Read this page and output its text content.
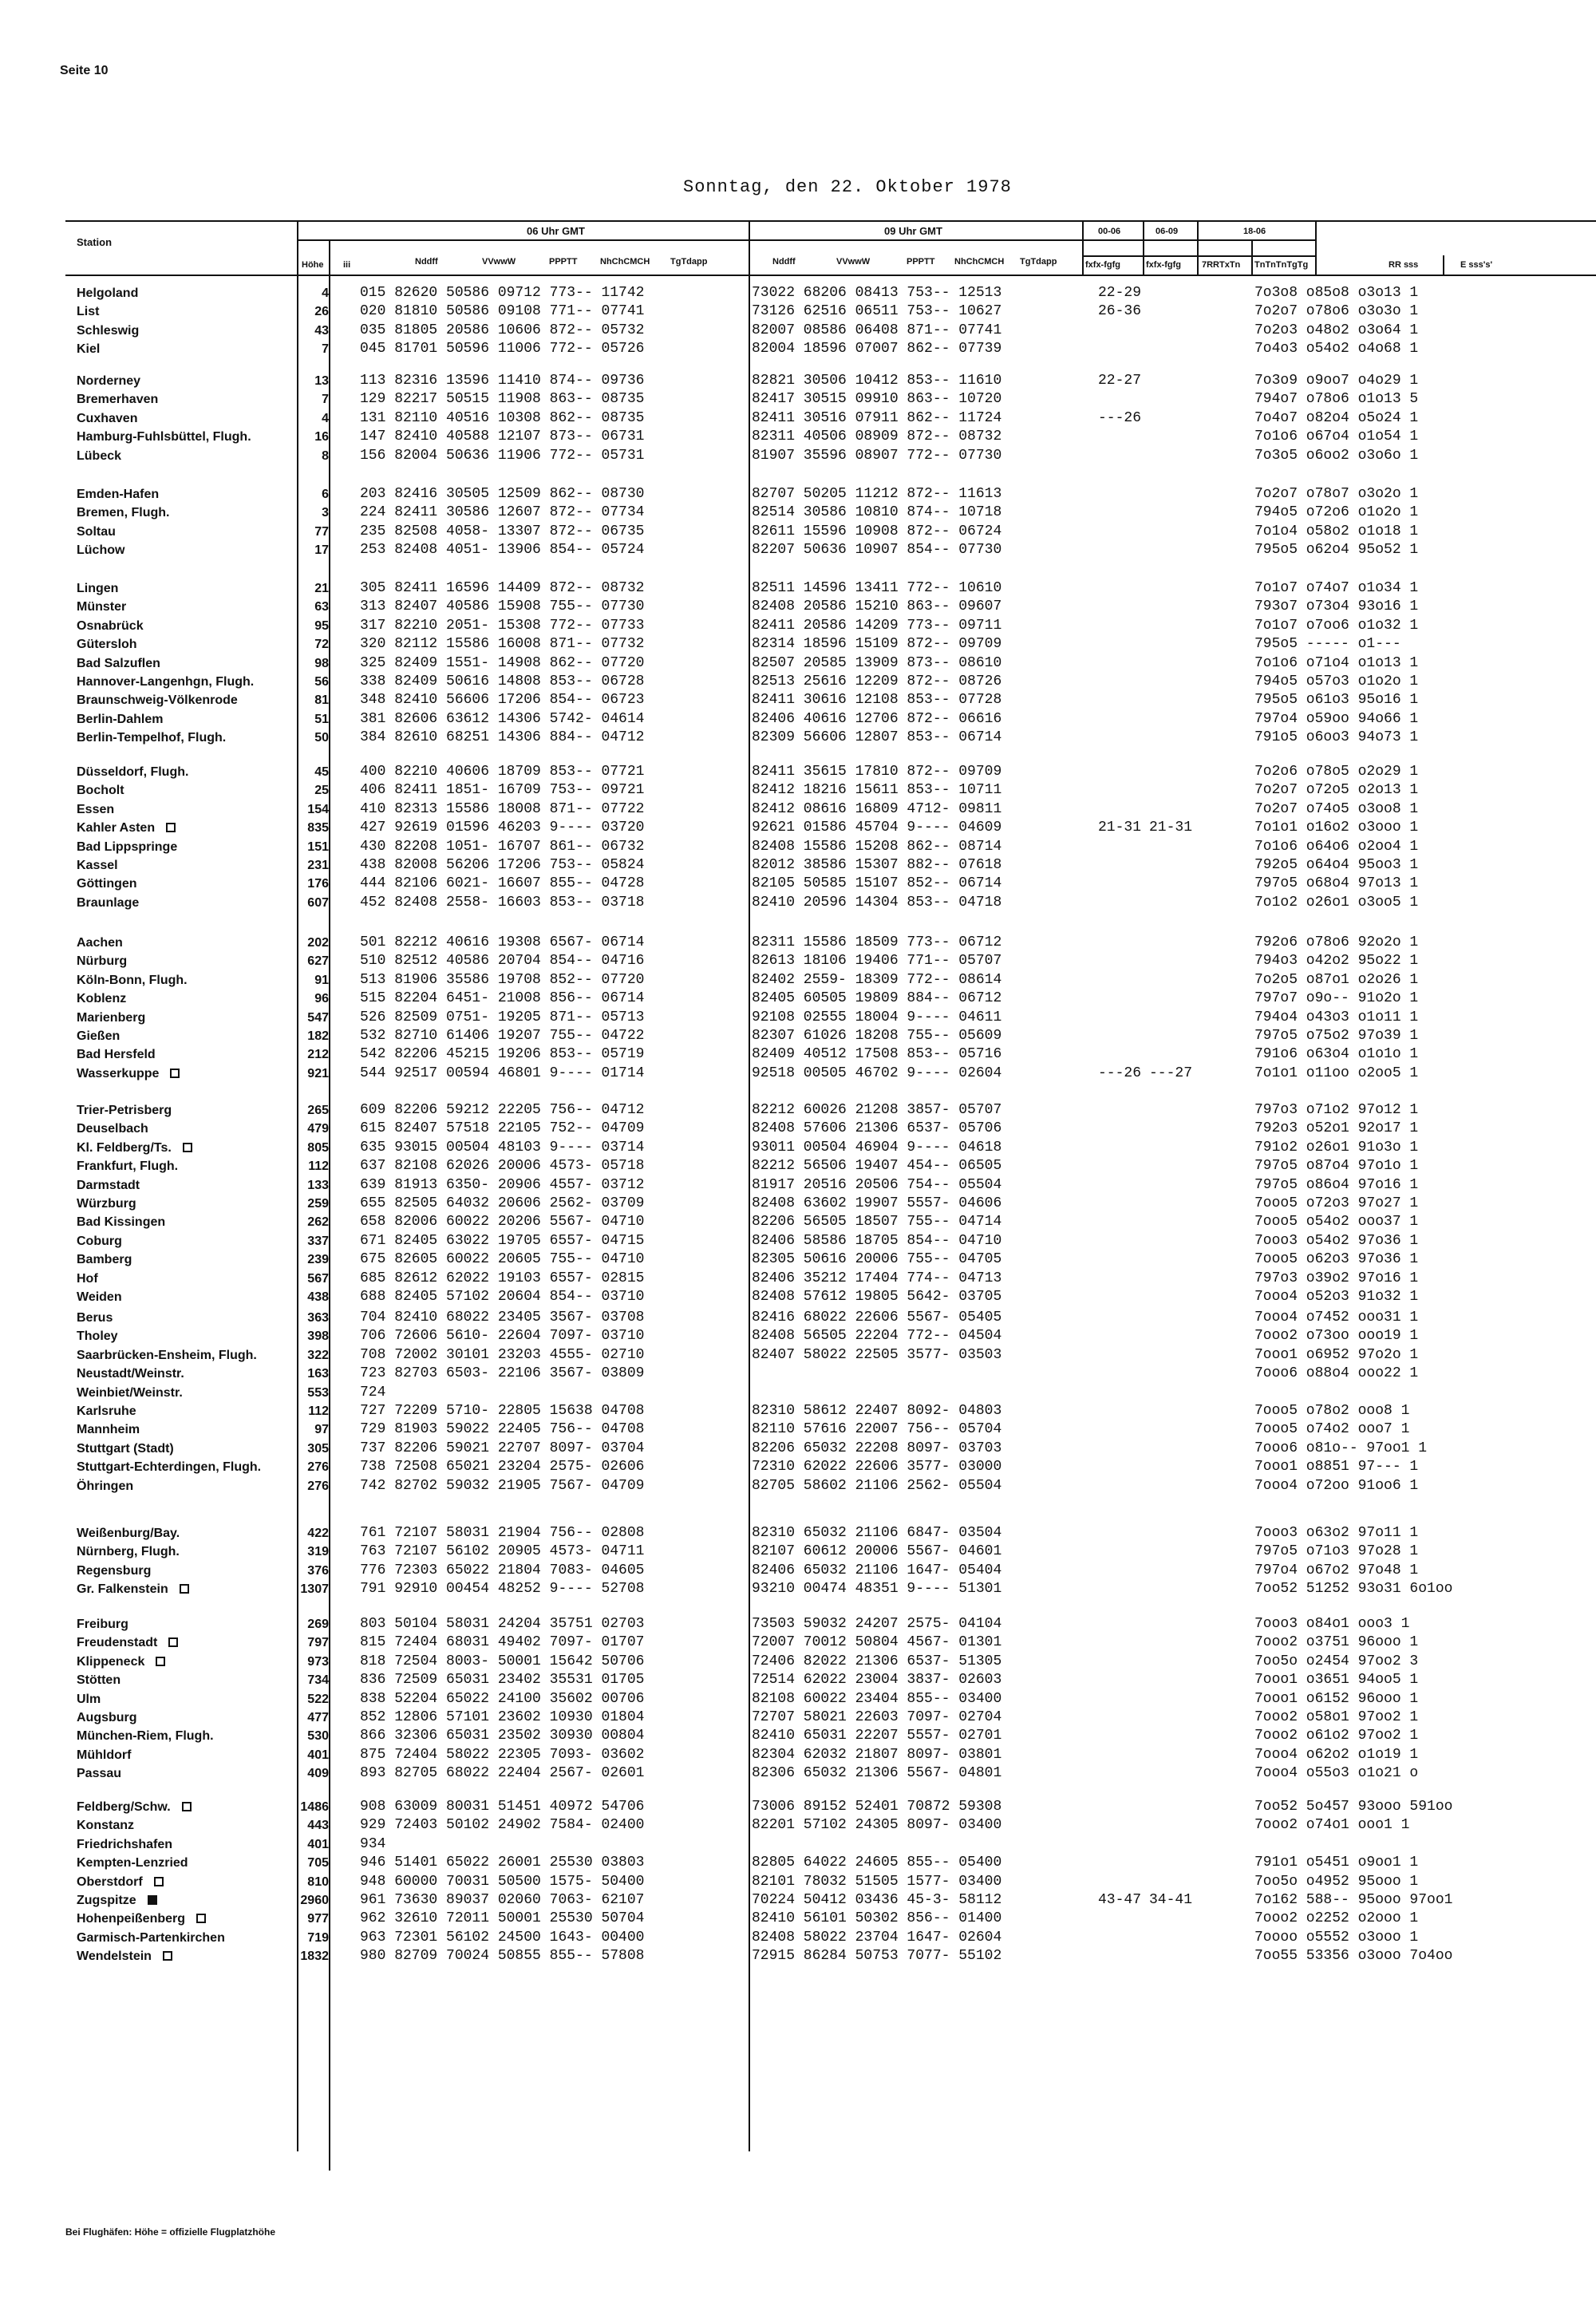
Seite 10
Sonntag, den 22. Oktober 1978
Station
Höhe iii
06 Uhr GMT	09 Uhr GMT
Nddff	VVwwW	PPPTT	NhChCMCH TgTdapp	Nddff	VVwwW	PPPTT NhChCMCH TgTdapp
00-06	06-09	18-06
fxfx-fgfg	fxfx-fgfg 7RRTxTn TnTnTnTgTg	RR sss	E sss's'
Helgoland	4 015 82620 50586 09712 773-- 11742	73022 68206 08413 753-- 12513	22-29	7o3o8 o85o8 o3o13 1
List	26 020 81810 50586 09108 771-- 07741	73126 62516 06511 753-- 10627	26-36	7o2o7 o78o6 o3o3o 1
Schleswig	43 035 81805 20586 10606 872-- 05732	82007 08586 06408 871-- 07741	7o2o3 o48o2 o3o64 1
Kiel	7 045 81701 50596 11006 772-- 05726	82004 18596 07007 862-- 07739	7o4o3 o54o2 o4o68 1
Norderney	13 113 82316 13596 11410 874-- 09736	82821 30506 10412 853-- 11610	22-27	7o3o9 o9oo7 o4o29 1
Bremerhaven	7 129 82217 50515 11908 863-- 08735	82417 30515 09910 863-- 10720	794o7 o78o6 o1o13 5
Cuxhaven	4 131 82110 40516 10308 862-- 08735	82411 30516 07911 862-- 11724	---26	7o4o7 o82o4 o5o24 1
Hamburg-Fuhlsbüttel, Flugh.	16 147 82410 40588 12107 873-- 06731	82311 40506 08909 872-- 08732	7o1o6 o67o4 o1o54 1
Lübeck	8 156 82004 50636 11906 772-- 05731	81907 35596 08907 772-- 07730	7o3o5 o6oo2 o3o6o 1
Emden-Hafen	6 203 82416 30505 12509 862-- 08730	82707 50205 11212 872-- 11613	7o2o7 o78o7 o3o2o 1
Bremen, Flugh.	3 224 82411 30586 12607 872-- 07734	82514 30586 10810 874-- 10718	794o5 o72o6 o1o2o 1
Soltau	77 235 82508 4058- 13307 872-- 06735	82611 15596 10908 872-- 06724	7o1o4 o58o2 o1o18 1
Lüchow	17 253 82408 4051- 13906 854-- 05724	82207 50636 10907 854-- 07730	795o5 o62o4 95o52 1
Lingen	21 305 82411 16596 14409 872-- 08732	82511 14596 13411 772-- 10610	7o1o7 o74o7 o1o34 1
Münster	63 313 82407 40586 15908 755-- 07730	82408 20586 15210 863-- 09607	793o7 o73o4 93o16 1
Osnabrück	95 317 82210 2051- 15308 772-- 07733	82411 20586 14209 773-- 09711	7o1o7 o7oo6 o1o32 1
Gütersloh	72 320 82112 15586 16008 871-- 07732	82314 18596 15109 872-- 09709	795o5 ----- o1---
Bad Salzuflen	98 325 82409 1551- 14908 862-- 07720	82507 20585 13909 873-- 08610	7o1o6 o71o4 o1o13 1
Hannover-Langenhgn, Flugh.	56 338 82409 50616 14808 853-- 06728	82513 25616 12209 872-- 08726	794o5 o57o3 o1o2o 1
Braunschweig-Völkenrode	81 348 82410 56606 17206 854-- 06723	82411 30616 12108 853-- 07728	795o5 o61o3 95o16 1
Berlin-Dahlem	51 381 82606 63612 14306 5742- 04614	82406 40616 12706 872-- 06616	797o4 o59oo 94o66 1
Berlin-Tempelhof, Flugh.	50 384 82610 68251 14306 884-- 04712	82309 56606 12807 853-- 06714	791o5 o6oo3 94o73 1
Düsseldorf, Flugh.	45 400 82210 40606 18709 853-- 07721	82411 35615 17810 872-- 09709	7o2o6 o78o5 o2o29 1
Bocholt	25 406 82411 1851- 16709 753-- 09721	82412 18216 15611 853-- 10711	7o2o7 o72o5 o2o13 1
Essen	154 410 82313 15586 18008 871-- 07722	82412 08616 16809 4712- 09811	7o2o7 o74o5 o3oo8 1
Kahler Asten	835 427 92619 01596 46203 9---- 03720	92621 01586 45704 9---- 04609	21-31 21-31	7o1o1 o16o2 o3ooo 1
Bad Lippspringe	151 430 82208 1051- 16707 861-- 06732	82408 15586 15208 862-- 08714	7o1o6 o64o6 o2oo4 1
Kassel	231 438 82008 56206 17206 753-- 05824	82012 38586 15307 882-- 07618	792o5 o64o4 95oo3 1
Göttingen	176 444 82106 6021- 16607 855-- 04728	82105 50585 15107 852-- 06714	797o5 o68o4 97o13 1
Braunlage	607 452 82408 2558- 16603 853-- 03718	82410 20596 14304 853-- 04718	7o1o2 o26o1 o3oo5 1
Aachen	202 501 82212 40616 19308 6567- 06714	82311 15586 18509 773-- 06712	792o6 o78o6 92o2o 1
Nürburg	627 510 82512 40586 20704 854-- 04716	82613 18106 19406 771-- 05707	794o3 o42o2 95o22 1
Köln-Bonn, Flugh.	91 513 81906 35586 19708 852-- 07720	82402 2559- 18309 772-- 08614	7o2o5 o87o1 o2o26 1
Koblenz	96 515 82204 6451- 21008 856-- 06714	82405 60505 19809 884-- 06712	797o7 o9o-- 91o2o 1
Marienberg	547 526 82509 0751- 19205 871-- 05713	92108 02555 18004 9---- 04611	794o4 o43o3 o1o11 1
Gießen	182 532 82710 61406 19207 755-- 04722	82307 61026 18208 755-- 05609	797o5 o75o2 97o39 1
Bad Hersfeld	212 542 82206 45215 19206 853-- 05719	82409 40512 17508 853-- 05716	791o6 o63o4 o1o1o 1
Wasserkuppe	921 544 92517 00594 46801 9---- 01714	92518 00505 46702 9---- 02604	---26 ---27	7o1o1 o11oo o2oo5 1
Trier-Petrisberg	265 609 82206 59212 22205 756-- 04712	82212 60026 21208 3857- 05707	797o3 o71o2 97o12 1
Deuselbach	479 615 82407 57518 22105 752-- 04709	82408 57606 21306 6537- 05706	792o3 o52o1 92o17 1
Kl. Feldberg/Ts.	805 635 93015 00504 48103 9---- 03714	93011 00504 46904 9---- 04618	791o2 o26o1 91o3o 1
Frankfurt, Flugh.	112 637 82108 62026 20006 4573- 05718	82212 56506 19407 454-- 06505	797o5 o87o4 97o1o 1
Darmstadt	133 639 81913 6350- 20906 4557- 03712	81917 20516 20506 754-- 05504	797o5 o86o4 97o16 1
Würzburg	259 655 82505 64032 20606 2562- 03709	82408 63602 19907 5557- 04606	7ooo5 o72o3 97o27 1
Bad Kissingen	262 658 82006 60022 20206 5567- 04710	82206 56505 18507 755-- 04714	7ooo5 o54o2 ooo37 1
Coburg	337 671 82405 63022 19705 6557- 04715	82406 58586 18705 854-- 04710	7ooo3 o54o2 97o36 1
Bamberg	239 675 82605 60022 20605 755-- 04710	82305 50616 20006 755-- 04705	7ooo5 o62o3 97o36 1
Hof	567 685 82612 62022 19103 6557- 02815	82406 35212 17404 774-- 04713	797o3 o39o2 97o16 1
Weiden	438 688 82405 57102 20604 854-- 03710	82408 57612 19805 5642- 03705	7ooo4 o52o3 91o32 1
Berus	363 704 82410 68022 23405 3567- 03708	82416 68022 22606 5567- 05405	7ooo4 o7452 ooo31 1
Tholey	398 706 72606 5610- 22604 7097- 03710	82408 56505 22204 772-- 04504	7ooo2 o73oo ooo19 1
Saarbrücken-Ensheim, Flugh.	322 708 72002 30101 23203 4555- 02710	82407 58022 22505 3577- 03503	7ooo1 o6952 97o2o 1
Neustadt/Weinstr.	163 723 82703 6503- 22106 3567- 03809	7ooo6 o88o4 ooo22 1
Weinbiet/Weinstr.	553 724
Karlsruhe	112 727 72209 5710- 22805 15638 04708	82310 58612 22407 8092- 04803	7ooo5 o78o2 ooo8 1
Mannheim	97 729 81903 59022 22405 756-- 04708	82110 57616 22007 756-- 05704	7ooo5 o74o2 ooo7 1
Stuttgart (Stadt)	305 737 82206 59021 22707 8097- 03704	82206 65032 22208 8097- 03703	7ooo6 o81o-- 97oo1 1
Stuttgart-Echterdingen, Flugh.	276 738 72508 65021 23204 2575- 02606	72310 62022 22606 3577- 03000	7ooo1 o8851 97--- 1
Öhringen	276 742 82702 59032 21905 7567- 04709	82705 58602 21106 2562- 05504	7ooo4 o72oo 91oo6 1
Weißenburg/Bay.	422 761 72107 58031 21904 756-- 02808	82310 65032 21106 6847- 03504	7ooo3 o63o2 97o11 1
Nürnberg, Flugh.	319 763 72107 56102 20905 4573- 04711	82107 60612 20006 5567- 04601	797o5 o71o3 97o28 1
Regensburg	376 776 72303 65022 21804 7083- 04605	82406 65032 21106 1647- 05404	797o4 o67o2 97o48 1
Gr. Falkenstein	1307 791 92910 00454 48252 9---- 52708	93210 00474 48351 9---- 51301	7oo52 51252 93o31 6o1oo
Freiburg	269 803 50104 58031 24204 35751 02703	73503 59032 24207 2575- 04104	7ooo3 o84o1 ooo3 1
Freudenstadt	797 815 72404 68031 49402 7097- 01707	72007 70012 50804 4567- 01301	7ooo2 o3751 96ooo 1
Klippeneck	973 818 72504 8003- 50001 15642 50706	72406 82022 21306 6537- 51305	7oo5o o2454 97oo2 3
Stötten	734 836 72509 65031 23402 35531 01705	72514 62022 23004 3837- 02603	7ooo1 o3651 94oo5 1
Ulm	522 838 52204 65022 24100 35602 00706	82108 60022 23404 855-- 03400	7ooo1 o6152 96ooo 1
Augsburg	477 852 12806 57101 23602 10930 01804	72707 58021 22603 7097- 02704	7ooo2 o58o1 97oo2 1
München-Riem, Flugh.	530 866 32306 65031 23502 30930 00804	82410 65031 22207 5557- 02701	7ooo2 o61o2 97oo2 1
Mühldorf	401 875 72404 58022 22305 7093- 03602	82304 62032 21807 8097- 03801	7ooo4 o62o2 o1o19 1
Passau	409 893 82705 68022 22404 2567- 02601	82306 65032 21306 5567- 04801	7ooo4 o55o3 o1o21 o
Feldberg/Schw.	1486 908 63009 80031 51451 40972 54706	73006 89152 52401 70872 59308	7oo52 5o457 93ooo 591oo
Konstanz	443 929 72403 50102 24902 7584- 02400	82201 57102 24305 8097- 03400	7ooo2 o74o1 ooo1 1
Friedrichshafen	401 934
Kempten-Lenzried	705 946 51401 65022 26001 25530 03803	82805 64022 24605 855-- 05400	791o1 o5451 o9oo1 1
Oberstdorf	810 948 60000 70031 50500 1575- 50400	82101 78032 51505 1577- 03400	7oo5o o4952 95ooo 1
Zugspitze	2960 961 73630 89037 02060 7063- 62107	70224 50412 03436 45-3- 58112	43-47 34-41	7o162 588-- 95ooo 97oo1
Hohenpeißenberg	977 962 32610 72011 50001 25530 50704	82410 56101 50302 856-- 01400	7ooo2 o2252 o2ooo 1
Garmisch-Partenkirchen	719 963 72301 56102 24500 1643- 00400	82408 58022 23704 1647- 02604	7oooo o5552 o3ooo 1
Wendelstein	1832 980 82709 70024 50855 855-- 57808	72915 86284 50753 7077- 55102	7oo55 53356 o3ooo 7o4oo
Bei Flughäfen: Höhe = offizielle Flugplatzhöhe
